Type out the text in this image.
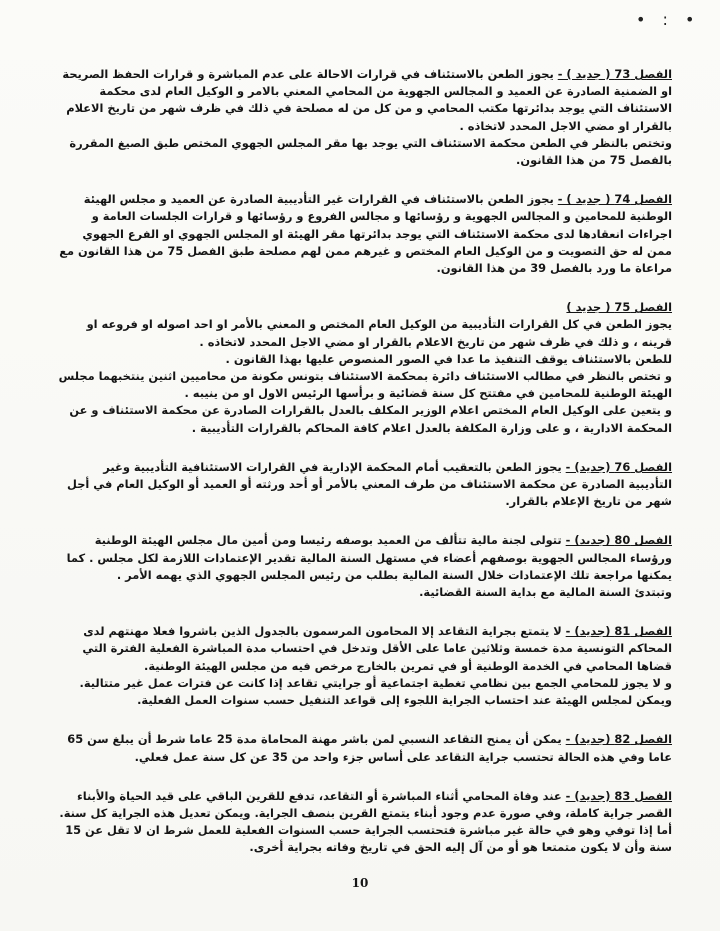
• : •

الفصل 73 ( جديد ) - يجوز الطعن بالاستئناف في قرارات الاحالة على عدم المباشرة و قرارات الحفظ الصريحة او الضمنية الصادرة عن العميد و المجالس الجهوية من المحامي المعني بالامر و الوكيل العام لدى محكمة الاستئناف التي يوجد بدائرتها مكتب المحامي و من كل من له مصلحة في ذلك في ظرف شهر من تاريخ الاعلام بالقرار او مضي الاجل المحدد لاتخاذه .

وتختص بالنظر في الطعن محكمة الاستئناف التي يوجد بها مقر المجلس الجهوي المختص طبق الصيغ المقررة بالفصل 75 من هذا القانون.

الفصل 74 ( جديد ) - يجوز الطعن بالاستئناف في القرارات غير التأديبية الصادرة عن العميد و مجلس الهيئة الوطنية للمحامين و المجالس الجهوية و رؤسائها و مجالس الفروع و رؤسائها و قرارات الجلسات العامة و اجراءات انعقادها لدى محكمة الاستئناف التي يوجد بدائرتها مقر الهيئة او المجلس الجهوي او الفرع الجهوي ممن له حق التصويت و من الوكيل العام المختص و غيرهم ممن لهم مصلحة طبق الفصل 75 من هذا القانون مع مراعاة ما ورد بالفصل 39 من هذا القانون.

الفصل 75 ( جديد )

يجوز الطعن في كل القرارات التأديبية من الوكيل العام المختص و المعني بالأمر او احد اصوله او فروعه او قرينه ، و ذلك في ظرف شهر من تاريخ الاعلام بالقرار او مضي الاجل المحدد لاتخاذه .

للطعن بالاستئناف يوقف التنفيذ ما عدا في الصور المنصوص عليها بهذا القانون .

و تختص بالنظر في مطالب الاستئناف دائرة بمحكمة الاستئناف بتونس مكونة من محاميين اثنين ينتخبهما مجلس الهيئة الوطنية للمحامين في مفتتح كل سنة قضائية و برأسها الرئيس الاول او من ينيبه .

و يتعين على الوكيل العام المختص اعلام الوزير المكلف بالعدل بالقرارات الصادرة عن محكمة الاستئناف و عن المحكمة الادارية ، و على وزارة المكلفة بالعدل اعلام كافة المحاكم بالقرارات التأديبية .

الفصل 76 (جديد) - يجوز الطعن بالتعقيب أمام المحكمة الإدارية في القرارات الاستئنافية التأديبية وغير التأديبية الصادرة عن محكمة الاستئناف من طرف المعني بالأمر أو أحد ورثته أو العميد أو الوكيل العام في أجل شهر من تاريخ الإعلام بالقرار.

الفصل 80 (جديد) - تتولى لجنة مالية تتألف من العميد بوصفه رئيسا ومن أمين مال مجلس الهيئة الوطنية ورؤساء المجالس الجهوية بوصفهم أعضاء في مستهل السنة المالية تقدير الإعتمادات اللازمة لكل مجلس . كما يمكنها مراجعة تلك الإعتمادات خلال السنة المالية بطلب من رئيس المجلس الجهوي الذي يهمه الأمر .

وتبتدئ السنة المالية مع بداية السنة القضائية.

الفصل 81 (جديد) - لا يتمتع بجراية التقاعد إلا المحامون المرسمون بالجدول الذين باشروا فعلا مهنتهم لدى المحاكم التونسية مدة خمسة وثلاثين عاما على الأقل وتدخل في احتساب مدة المباشرة الفعلية الفترة التي قضاها المحامي في الخدمة الوطنية أو في تمرين بالخارج مرخص فيه من مجلس الهيئة الوطنية.

و لا يجوز للمحامي الجمع بين نظامي تغطية اجتماعية أو جرايتي تقاعد إذا كانت عن فترات عمل غير متتالية.

ويمكن لمجلس الهيئة عند احتساب الجراية اللجوء إلى قواعد التنفيل حسب سنوات العمل الفعلية.

الفصل 82 (جديد) - يمكن أن يمنح التقاعد النسبي لمن باشر مهنة المحاماة مدة 25 عاما شرط أن يبلغ سن 65 عاما وفي هذه الحالة تحتسب جراية التقاعد على أساس جزء واحد من 35 عن كل سنة عمل فعلي.

الفصل 83 (جديد) - عند وفاة المحامي أثناء المباشرة أو التقاعد، تدفع للقرين الباقي على قيد الحياة والأبناء القصر جراية كاملة، وفي صورة عدم وجود أبناء يتمتع القرين بنصف الجراية. ويمكن تعديل هذه الجراية كل سنة.

أما إذا توفي وهو في حالة غير مباشرة فتحتسب الجراية حسب السنوات الفعلية للعمل شرط ان لا تقل عن 15 سنة وأن لا يكون متمتعا هو أو من آل إليه الحق في تاريخ وفاته بجراية أخرى.

10
